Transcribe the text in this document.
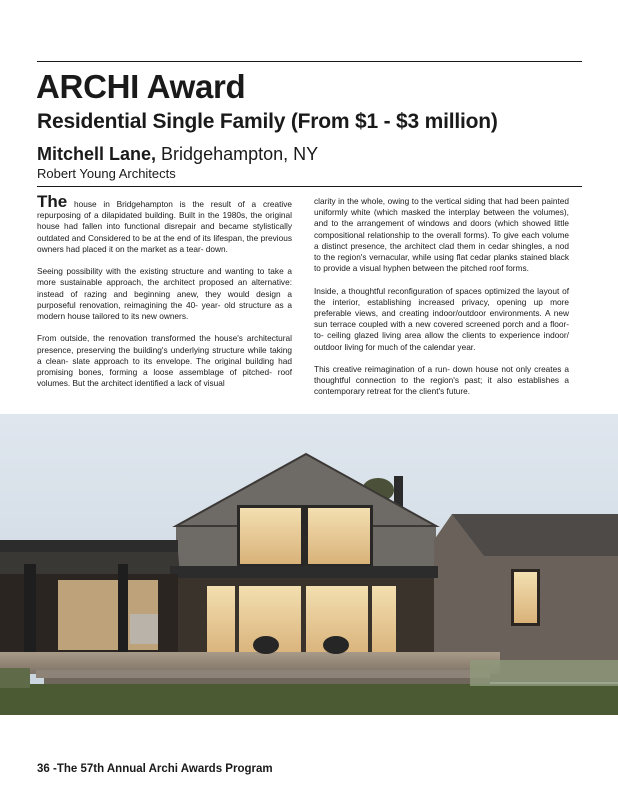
ARCHI Award
Residential Single Family (From $1 - $3 million)
Mitchell Lane, Bridgehampton, NY
Robert Young Architects

The house in Bridgehampton is the result of a creative repurposing of a dilapidated building. Built in the 1980s, the original house had fallen into functional disrepair and became stylistically outdated and Considered to be at the end of its lifespan, the previous owners had placed it on the market as a tear- down.

Seeing possibility with the existing structure and wanting to take a more sustainable approach, the architect proposed an alternative: instead of razing and beginning anew, they would design a purposeful renovation, reimagining the 40- year- old structure as a modern house tailored to its new owners.

From outside, the renovation transformed the house's architectural presence, preserving the building's underlying structure while taking a clean- slate approach to its envelope. The original building had promising bones, forming a loose assemblage of pitched- roof volumes. But the architect identified a lack of visual

clarity in the whole, owing to the vertical siding that had been painted uniformly white (which masked the interplay between the volumes), and to the arrangement of windows and doors (which showed little compositional relationship to the overall forms). To give each volume a distinct presence, the architect clad them in cedar shingles, a nod to the region's vernacular, while using flat cedar planks stained black to provide a visual hyphen between the pitched roof forms.

Inside, a thoughtful reconfiguration of spaces optimized the layout of the interior, establishing increased privacy, opening up more preferable views, and creating indoor/outdoor environments. A new sun terrace coupled with a new covered screened porch and a floor- to- ceiling glazed living area allow the clients to experience indoor/ outdoor living for much of the calendar year.

This creative reimagination of a run- down house not only creates a thoughtful connection to the region's past; it also establishes a contemporary retreat for the client's future.

36 -The 57th Annual Archi Awards Program
